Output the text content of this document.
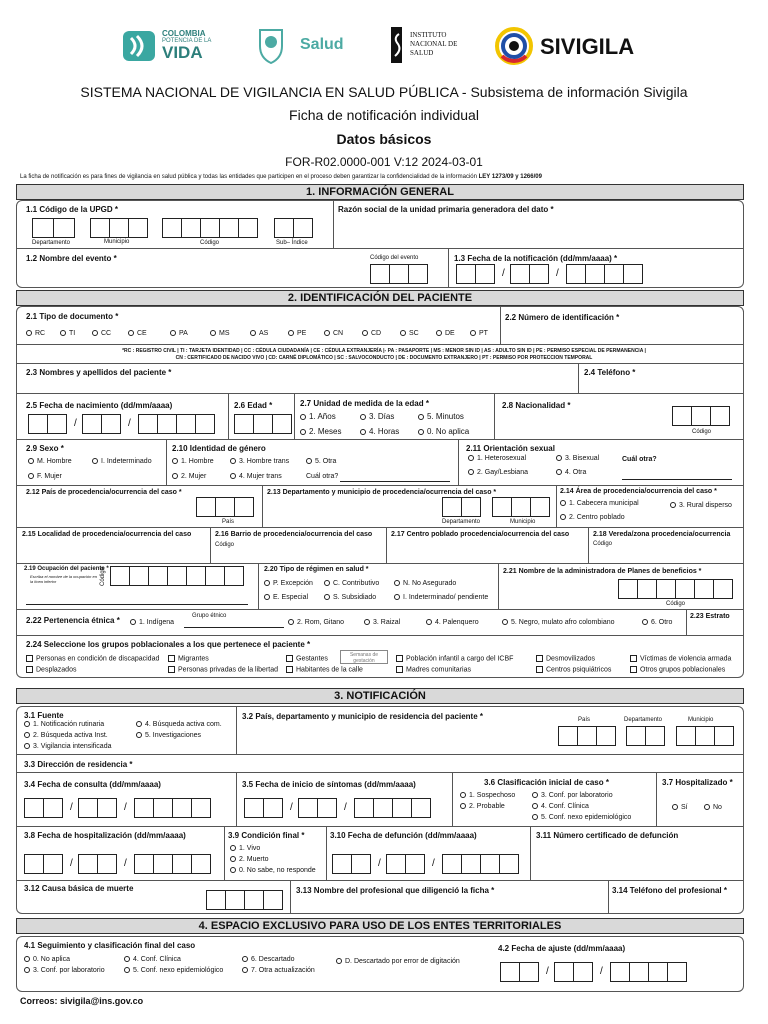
COLOMBIA
POTENCIA DE LA
VIDA	Salud
INSTITUTO
NACIONAL DE
SALUD	SIVIGILA
SISTEMA NACIONAL DE VIGILANCIA EN SALUD PÚBLICA - Subsistema de información Sivigila
Ficha de notificación individual
Datos básicos
FOR-R02.0000-001 V:12 2024-03-01
La ficha de notificación es para fines de vigilancia en salud pública y todas las entidades que participen en el proceso deben garantizar la confidencialidad de la información LEY 1273/09 y 1266/09
1. INFORMACIÓN GENERAL
1.1 Código de la UPGD *
Departamento	Municipio	Código	Sub– Índice
Razón social de la unidad primaria generadora del dato *
1.2 Nombre del evento *	Código del evento	1.3 Fecha de la notificación (dd/mm/aaaa) *
/	/
2. IDENTIFICACIÓN DEL PACIENTE
2.1 Tipo de documento *	2.2 Número de identificación *
RC	TI	CC	CE	PA	MS	AS	PE	CN	CD	SC	DE	PT
*RC : REGISTRO CIVIL | TI : TARJETA IDENTIDAD | CC : CÉDULA CIUDADANÍA | CE : CÉDULA EXTRANJERÍA |- PA : PASAPORTE | MS : MENOR SIN ID | AS : ADULTO SIN ID | PE : PERMISO ESPECIAL DE PERMANENCIA |
CN : CERTIFICADO DE NACIDO VIVO | CD: CARNÉ DIPLOMÁTICO | SC : SALVOCONDUCTO | DE : DOCUMENTO EXTRANJERO | PT : PERMISO POR PROTECCION TEMPORAL
2.3 Nombres y apellidos del paciente *	2.4 Teléfono *
2.5 Fecha de nacimiento (dd/mm/aaaa)
/	/
2.6 Edad *	2.7 Unidad de medida de la edad *
1. Años	3. Días	5. Minutos
2. Meses	4. Horas	0. No aplica
2.8 Nacionalidad *
Código
2.9 Sexo *
M. Hombre	I. Indeterminado
F. Mujer
2.10 Identidad de género
1. Hombre	3. Hombre trans	5. Otra
2. Mujer	4. Mujer trans	Cuál otra?
2.11 Orientación sexual
1. Heterosexual	3. Bisexual
2. Gay/Lesbiana	4. Otra
Cuál otra?
2.12 País de procedencia/ocurrencia del caso *
País
2.13 Departamento y municipio de procedencia/ocurrencia del caso *
Departamento	Municipio
2.14 Área de procedencia/ocurrencia del caso *
1. Cabecera municipal	3. Rural disperso
2. Centro poblado
2.15 Localidad de procedencia/ocurrencia del caso	2.16 Barrio de procedencia/ocurrencia del caso
Código
2.17 Centro poblado procedencia/ocurrencia del caso	2.18 Vereda/zona procedencia/ocurrencia
Código
2.19 Ocupación del paciente *
Escriba el nombre de la ocupación en la línea inferior	Código	2.20 Tipo de régimen en salud *
P. Excepción	C. Contributivo	N. No Asegurado
E. Especial	S. Subsidiado	I. Indeterminado/ pendiente
2.21 Nombre de la administradora de Planes de beneficios *
Código
2.22 Pertenencia étnica *	1. Indígena
Grupo étnico
2. Rom, Gitano	3. Raizal	4. Palenquero	5. Negro, mulato afro colombiano	6. Otro
2.23 Estrato
2.24 Seleccione los grupos poblacionales a los que pertenece el paciente *
Personas en condición de discapacidad	Migrantes	Gestantes
Semanas de gestación	Población infantil a cargo del ICBF	Desmovilizados	Víctimas de violencia armada
Desplazados	Personas privadas de la libertad	Habitantes de la calle	Madres comunitarias	Centros psiquiátricos	Otros grupos poblacionales
3. NOTIFICACIÓN
3.1 Fuente
1. Notificación rutinaria	4. Búsqueda activa com.
2. Búsqueda activa Inst.	5. Investigaciones
3. Vigilancia intensificada
3.2 País, departamento y municipio de residencia del paciente *	País	Departamento	Municipio
3.3 Dirección de residencia *
3.4 Fecha de consulta (dd/mm/aaaa)
/	/
3.5 Fecha de inicio de síntomas (dd/mm/aaaa)
/	/
3.6 Clasificación inicial de caso *
1. Sospechoso	3. Conf. por laboratorio
2. Probable	4. Conf. Clínica
5. Conf. nexo epidemiológico
3.7 Hospitalizado *
Sí	No
3.8 Fecha de hospitalización (dd/mm/aaaa)
/	/
3.9 Condición final *
1. Vivo
2. Muerto
0. No sabe, no responde
3.10 Fecha de defunción (dd/mm/aaaa)
/	/
3.11 Número certificado de defunción
3.12 Causa básica de muerte	3.13 Nombre del profesional que diligenció la ficha *	3.14 Teléfono del profesional *
4. ESPACIO EXCLUSIVO PARA USO DE LOS ENTES TERRITORIALES
4.1 Seguimiento y clasificación final del caso
0. No aplica	4. Conf. Clínica	6. Descartado	D. Descartado por error de digitación
3. Conf. por laboratorio	5. Conf. nexo epidemiológico	7. Otra actualización
4.2 Fecha de ajuste (dd/mm/aaaa)
/	/
Correos: sivigila@ins.gov.co
